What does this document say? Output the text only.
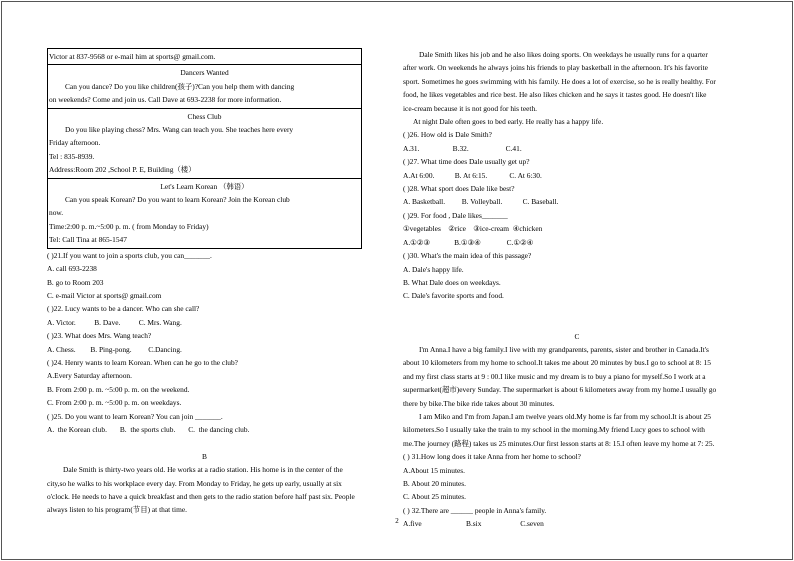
Victor at 837-9568 or e-mail him at sports@ gmail.com.
Dancers Wanted
Can you dance? Do you like children(孩子)?Can you help them with dancing
on weekends? Come and join us. Call Dave at 693-2238 for more information.
Chess Club
Do you like playing chess? Mrs. Wang can teach you. She teaches here every
Friday afternoon.
Tel : 835-8939.
Address:Room 202 ,School P. E, Building（楼）
Let's Learn Korean （韩语）
Can you speak Korean? Do you want to learn Korean? Join the Korean club
now.
Time:2:00 p. m.~5:00 p. m. ( from Monday to Friday)
Tel: Call Tina at 865-1547
( )21.If you want to join a sports club, you can_______.
A. call 693-2238
B. go to Room 203
C. e-mail Victor at sports@ gmail.com
( )22. Lucy wants to be a dancer. Who can she call?
A. Victor.          B. Dave.          C. Mrs. Wang.
( )23. What does Mrs. Wang teach?
A. Chess.        B. Ping-pong.         C.Dancing.
( )24. Henry wants to learn Korean. When can he go to the club?
A.Every Saturday afternoon.
B. From 2:00 p. m. ~5:00 p. m. on the weekend.
C. From 2:00 p. m. ~5:00 p. m. on weekdays.
( )25. Do you want to learn Korean? You can join _______.
A.  the Korean club.       B.  the sports club.       C.  the dancing club.
B
Dale Smith is thirty-two years old. He works at a radio station. His home is in the center of the
city,so he walks to his workplace every day. From Monday to Friday, he gets up early, usually at six
o'clock. He needs to have a quick breakfast and then gets to the radio station before half past six. People
always listen to his program(节目) at that time.
Dale Smith likes his job and he also likes doing sports. On weekdays he usually runs for a quarter
after work. On weekends he always joins his friends to play basketball in the afternoon. It's his favorite
sport. Sometimes he goes swimming with his family. He does a lot of exercise, so he is really healthy. For
food, he likes vegetables and rice best. He also likes chicken and he says it tastes good. He doesn't like
ice-cream because it is not good for his teeth.
At night Dale often goes to bed early. He really has a happy life.
( )26. How old is Dale Smith?
A.31.                  B.32.                    C.41.
( )27. What time does Dale usually get up?
A.At 6:00.           B. At 6:15.            C. At 6:30.
( )28. What sport does Dale like best?
A. Basketball.         B. Volleyball.           C. Baseball.
( )29. For food , Dale likes_______
①vegetables    ②rice    ③ice-cream  ④chicken
A.①②③             B.①③④              C.①②④
( )30. What's the main idea of this passage?
A. Dale's happy life.
B. What Dale does on weekdays.
C. Dale's favorite sports and food.
C
I'm Anna.I have a big family.I live with my grandparents, parents, sister and brother in Canada.It's
about 10 kilometers from my home to school.It takes me about 20 minutes by bus.I go to school at 8: 15
and my first class starts at 9 : 00.I like music and my dream is to buy a piano for myself.So I work at a
supermarket(超市)every Sunday. The supermarket is about 6 kilometers away from my home.I usually go
there by bike.The bike ride takes about 30 minutes.
I am Miko and I'm from Japan.I am twelve years old.My home is far from my school.It is about 25
kilometers.So I usually take the train to my school in the morning.My friend Lucy goes to school with
me.The journey (路程) takes us 25 minutes.Our first lesson starts at 8: 15.I often leave my home at 7: 25.
( ) 31.How long does it take Anna from her home to school?
A.About 15 minutes.
B. About 20 minutes.
C. About 25 minutes.
( ) 32.There are ______ people in Anna's family.
A.five                        B.six                     C.seven
2
